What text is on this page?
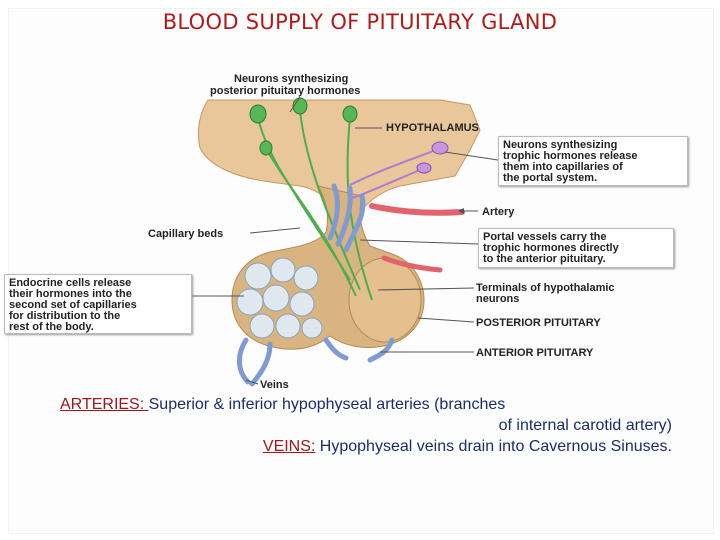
BLOOD SUPPLY OF PITUITARY GLAND
Neurons synthesizing posterior pituitary hormones
HYPOTHALAMUS
Artery
Capillary beds
Terminals of hypothalamic neurons
POSTERIOR PITUITARY
ANTERIOR PITUITARY
Veins
Neurons synthesizing
trophic hormones release
them into capillaries of
the portal system.
Portal vessels carry the
trophic hormones directly
to the anterior pituitary.
Endocrine cells release
their hormones into the
second set of capillaries
for distribution to the
rest of the body.
ARTERIES: Superior & inferior hypophyseal arteries (branches
of internal carotid artery)
VEINS: Hypophyseal veins drain into Cavernous Sinuses.
